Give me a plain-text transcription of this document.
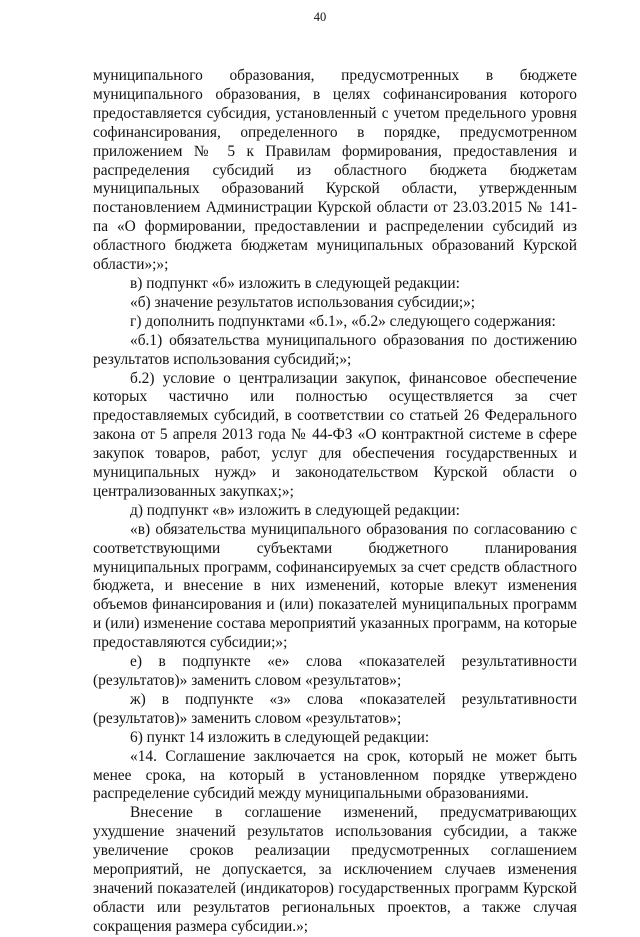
40

муниципального образования, предусмотренных в бюджете муниципального образования, в целях софинансирования которого предоставляется субсидия, установленный с учетом предельного уровня софинансирования, определенного в порядке, предусмотренном приложением № 5 к Правилам формирования, предоставления и распределения субсидий из областного бюджета бюджетам муниципальных образований Курской области, утвержденным постановлением Администрации Курской области от 23.03.2015 № 141-па «О формировании, предоставлении и распределении субсидий из областного бюджета бюджетам муниципальных образований Курской области»;»;

в) подпункт «б» изложить в следующей редакции:

«б) значение результатов использования субсидии;»;

г) дополнить подпунктами «б.1», «б.2» следующего содержания:

«б.1) обязательства муниципального образования по достижению результатов использования субсидий;»;

б.2) условие о централизации закупок, финансовое обеспечение которых частично или полностью осуществляется за счет предоставляемых субсидий, в соответствии со статьей 26 Федерального закона от 5 апреля 2013 года № 44-ФЗ «О контрактной системе в сфере закупок товаров, работ, услуг для обеспечения государственных и муниципальных нужд» и законодательством Курской области о централизованных закупках;»;

д) подпункт «в» изложить в следующей редакции:

«в) обязательства муниципального образования по согласованию с соответствующими субъектами бюджетного планирования муниципальных программ, софинансируемых за счет средств областного бюджета, и внесение в них изменений, которые влекут изменения объемов финансирования и (или) показателей муниципальных программ и (или) изменение состава мероприятий указанных программ, на которые предоставляются субсидии;»;

е) в подпункте «е» слова «показателей результативности (результатов)» заменить словом «результатов»;

ж) в подпункте «з» слова «показателей результативности (результатов)» заменить словом «результатов»;

6) пункт 14 изложить в следующей редакции:

«14. Соглашение заключается на срок, который не может быть менее срока, на который в установленном порядке утверждено распределение субсидий между муниципальными образованиями.

Внесение в соглашение изменений, предусматривающих ухудшение значений результатов использования субсидии, а также увеличение сроков реализации предусмотренных соглашением мероприятий, не допускается, за исключением случаев изменения значений показателей (индикаторов) государственных программ Курской области или результатов региональных проектов, а также случая сокращения размера субсидии.»;
